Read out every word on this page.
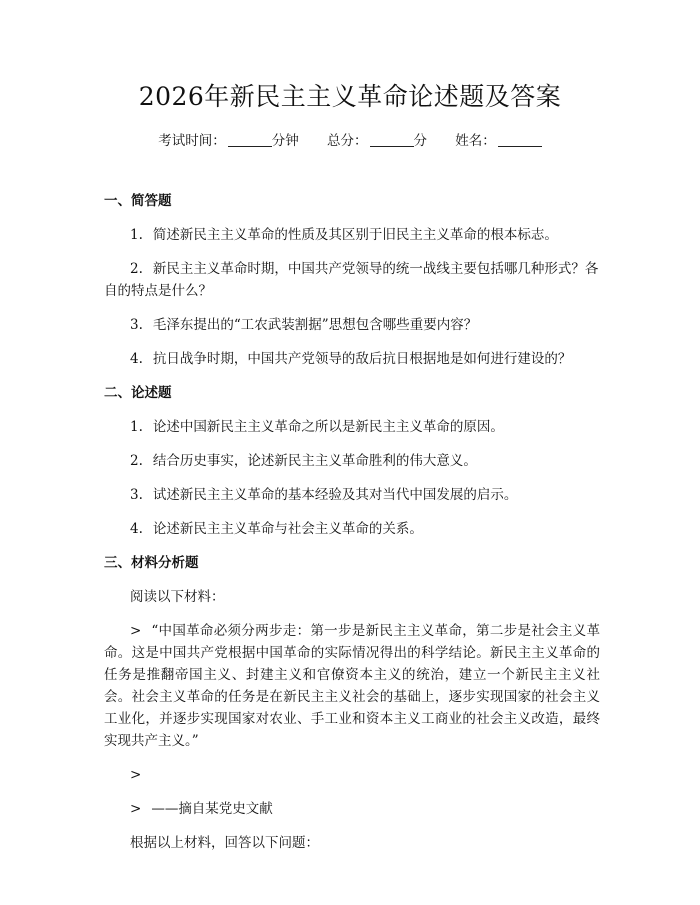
2026年新民主主义革命论述题及答案
考试时间：	分钟 总分：	分 姓名：
一、简答题
1. 简述新民主主义革命的性质及其区别于旧民主主义革命的根本标志。
2. 新民主主义革命时期，中国共产党领导的统一战线主要包括哪几种形式？各自的特点是什么？
3. 毛泽东提出的“工农武装割据”思想包含哪些重要内容？
4. 抗日战争时期，中国共产党领导的敌后抗日根据地是如何进行建设的？
二、论述题
1. 论述中国新民主主义革命之所以是新民主主义革命的原因。
2. 结合历史事实，论述新民主主义革命胜利的伟大意义。
3. 试述新民主主义革命的基本经验及其对当代中国发展的启示。
4. 论述新民主主义革命与社会主义革命的关系。
三、材料分析题
阅读以下材料：
> “中国革命必须分两步走：第一步是新民主主义革命，第二步是社会主义革命。这是中国共产党根据中国革命的实际情况得出的科学结论。新民主主义革命的任务是推翻帝国主义、封建主义和官僚资本主义的统治，建立一个新民主主义社会。社会主义革命的任务是在新民主主义社会的基础上，逐步实现国家的社会主义工业化，并逐步实现国家对农业、手工业和资本主义工商业的社会主义改造，最终实现共产主义。”
>
> ——摘自某党史文献
根据以上材料，回答以下问题：
